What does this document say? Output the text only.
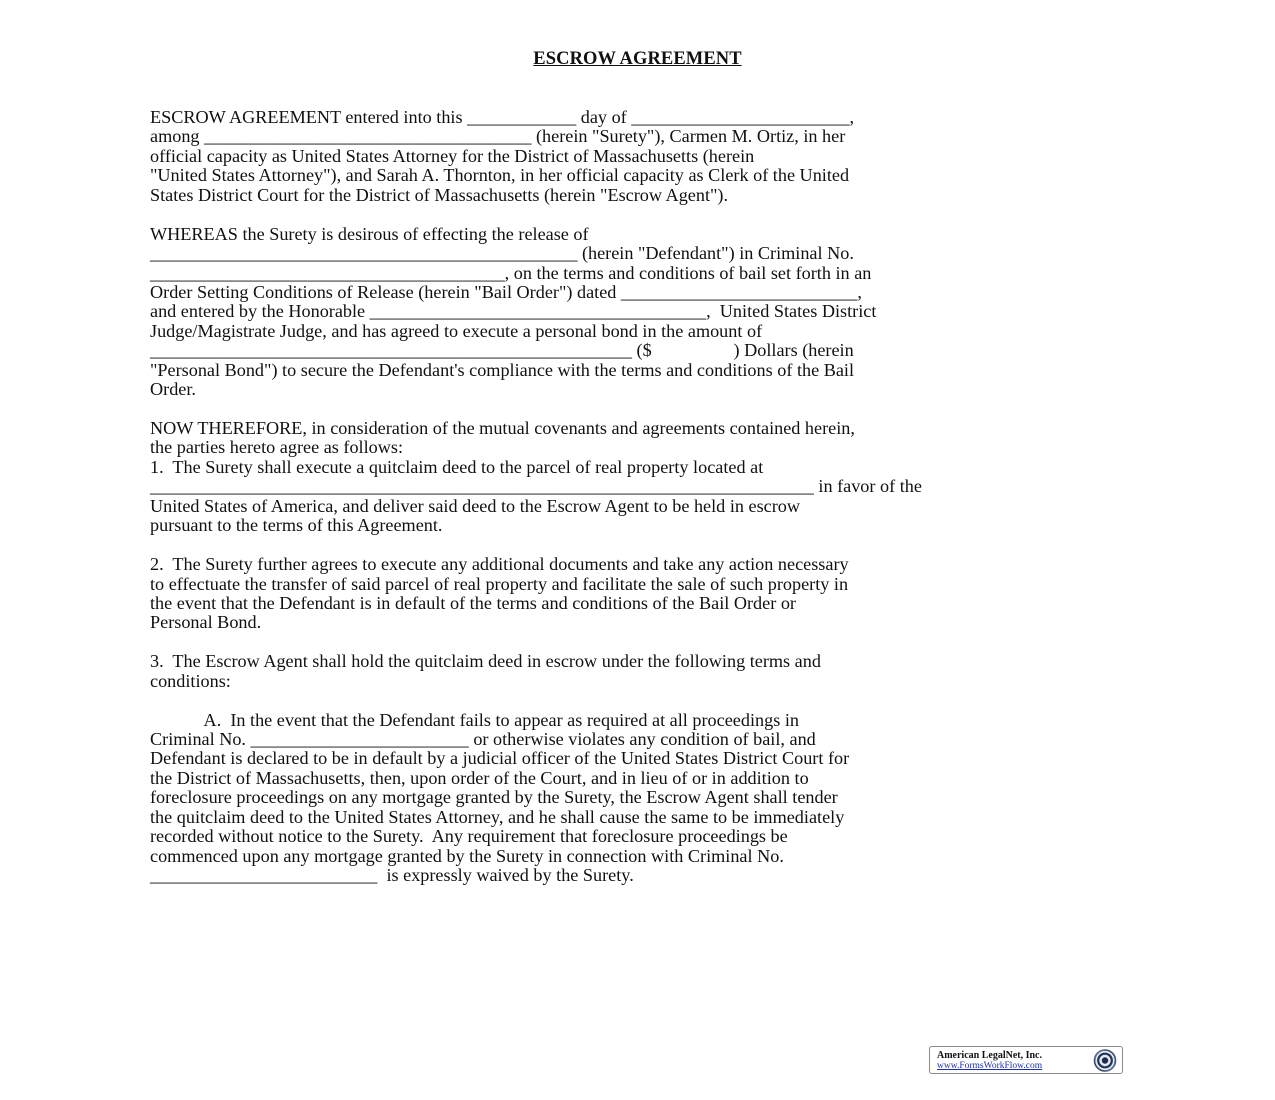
ESCROW AGREEMENT
ESCROW AGREEMENT entered into this ____________ day of ________________________,
among ____________________________________ (herein "Surety"), Carmen M. Ortiz, in her
official capacity as United States Attorney for the District of Massachusetts (herein
"United States Attorney"), and Sarah A. Thornton, in her official capacity as Clerk of the United
States District Court for the District of Massachusetts (herein "Escrow Agent").
WHEREAS the Surety is desirous of effecting the release of
_______________________________________________ (herein "Defendant") in Criminal No.
_______________________________________, on the terms and conditions of bail set forth in an
Order Setting Conditions of Release (herein "Bail Order") dated __________________________,
and entered by the Honorable _____________________________________,  United States District
Judge/Magistrate Judge, and has agreed to execute a personal bond in the amount of
_____________________________________________________ ($                  ) Dollars (herein
"Personal Bond") to secure the Defendant's compliance with the terms and conditions of the Bail
Order.
NOW THEREFORE, in consideration of the mutual covenants and agreements contained herein,
the parties hereto agree as follows:
1.  The Surety shall execute a quitclaim deed to the parcel of real property located at
_________________________________________________________________________ in favor of the
United States of America, and deliver said deed to the Escrow Agent to be held in escrow
pursuant to the terms of this Agreement.
2.  The Surety further agrees to execute any additional documents and take any action necessary
to effectuate the transfer of said parcel of real property and facilitate the sale of such property in
the event that the Defendant is in default of the terms and conditions of the Bail Order or
Personal Bond.
3.  The Escrow Agent shall hold the quitclaim deed in escrow under the following terms and
conditions:
A.  In the event that the Defendant fails to appear as required at all proceedings in
Criminal No. ________________________ or otherwise violates any condition of bail, and
Defendant is declared to be in default by a judicial officer of the United States District Court for
the District of Massachusetts, then, upon order of the Court, and in lieu of or in addition to
foreclosure proceedings on any mortgage granted by the Surety, the Escrow Agent shall tender
the quitclaim deed to the United States Attorney, and he shall cause the same to be immediately
recorded without notice to the Surety.  Any requirement that foreclosure proceedings be
commenced upon any mortgage granted by the Surety in connection with Criminal No.
_________________________  is expressly waived by the Surety.
American LegalNet, Inc.
www.FormsWorkFlow.com
